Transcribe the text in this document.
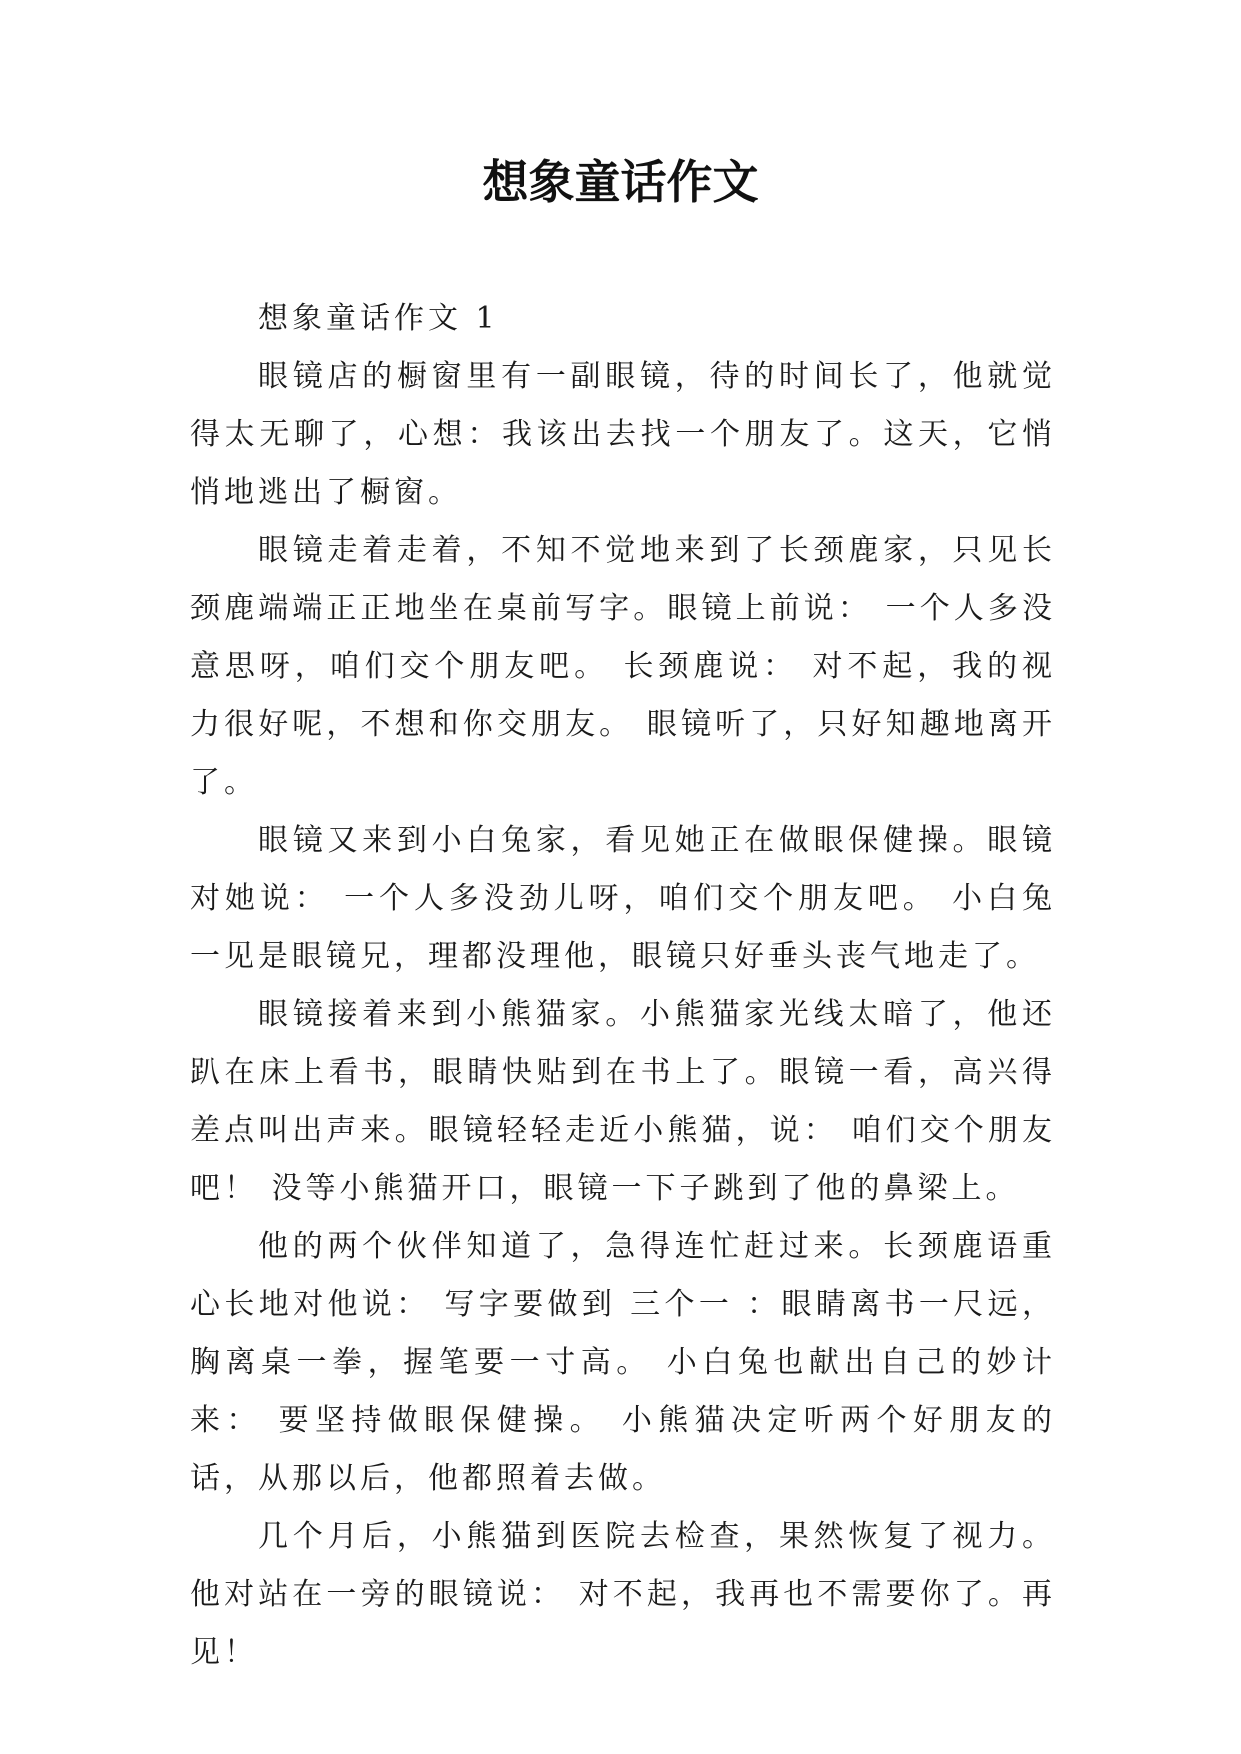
想象童话作文

想象童话作文 1

眼镜店的橱窗里有一副眼镜，待的时间长了，他就觉得太无聊了，心想：我该出去找一个朋友了。这天，它悄悄地逃出了橱窗。

眼镜走着走着，不知不觉地来到了长颈鹿家，只见长颈鹿端端正正地坐在桌前写字。眼镜上前说： 一个人多没意思呀，咱们交个朋友吧。 长颈鹿说： 对不起，我的视力很好呢，不想和你交朋友。 眼镜听了，只好知趣地离开了。

眼镜又来到小白兔家，看见她正在做眼保健操。眼镜对她说： 一个人多没劲儿呀，咱们交个朋友吧。 小白兔一见是眼镜兄，理都没理他，眼镜只好垂头丧气地走了。

眼镜接着来到小熊猫家。小熊猫家光线太暗了，他还趴在床上看书，眼睛快贴到在书上了。眼镜一看，高兴得差点叫出声来。眼镜轻轻走近小熊猫，说： 咱们交个朋友吧！ 没等小熊猫开口，眼镜一下子跳到了他的鼻梁上。

他的两个伙伴知道了，急得连忙赶过来。长颈鹿语重心长地对他说： 写字要做到 三个一 ：眼睛离书一尺远，胸离桌一拳，握笔要一寸高。 小白兔也献出自己的妙计来： 要坚持做眼保健操。 小熊猫决定听两个好朋友的话，从那以后，他都照着去做。

几个月后，小熊猫到医院去检查，果然恢复了视力。他对站在一旁的眼镜说： 对不起，我再也不需要你了。再见！
